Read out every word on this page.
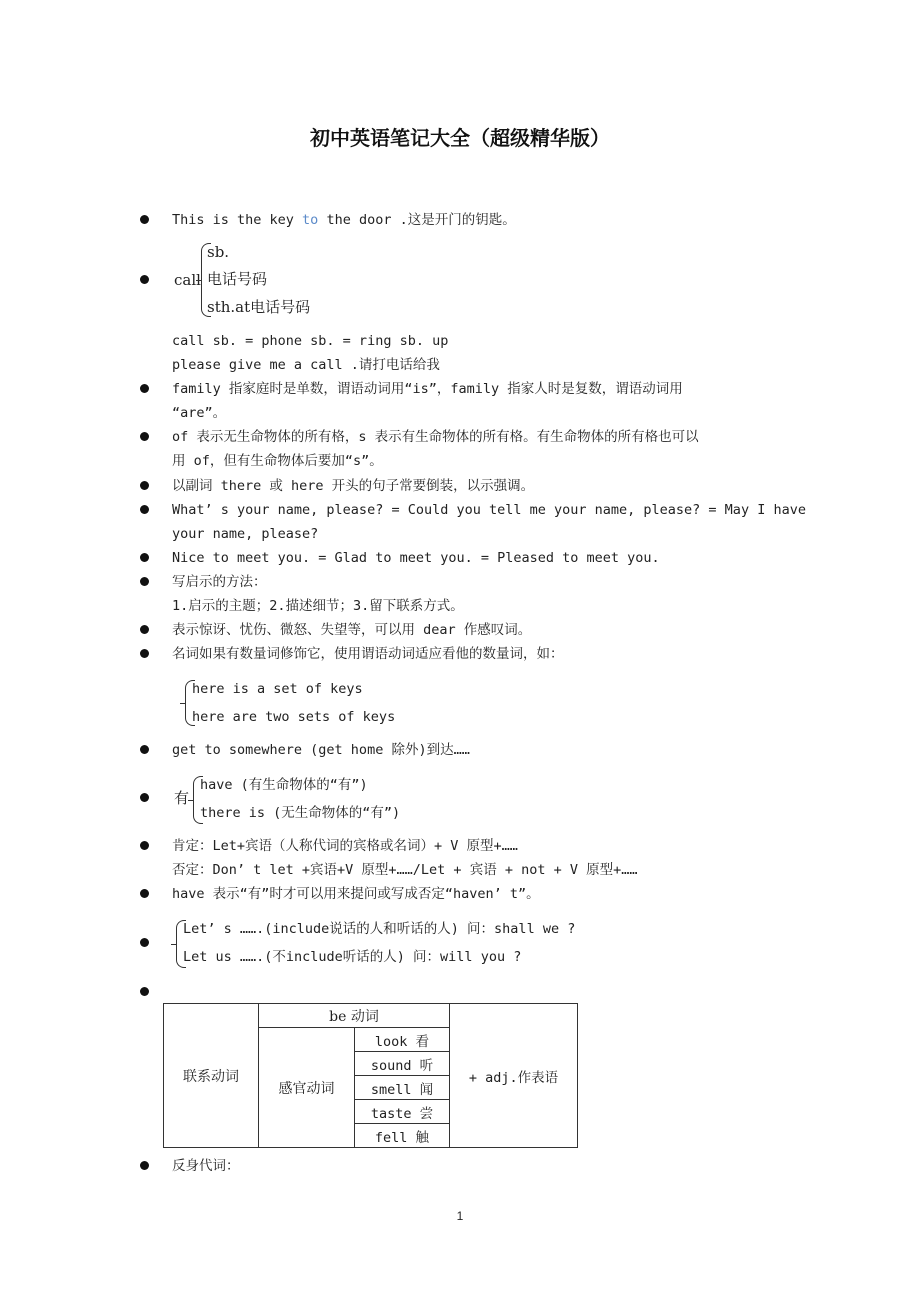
初中英语笔记大全（超级精华版）
This is the key to the door .这是开门的钥匙。
call
sb.
电话号码
sth.at电话号码
call sb. = phone sb. = ring sb. up
please give me a call .请打电话给我
family 指家庭时是单数，谓语动词用“is”，family 指家人时是复数，谓语动词用
“are”。
of 表示无生命物体的所有格，s 表示有生命物体的所有格。有生命物体的所有格也可以
用 of，但有生命物体后要加“s”。
以副词 there 或 here 开头的句子常要倒装，以示强调。
What’ s your name, please? = Could you tell me your name, please? = May I have
your name, please?
Nice to meet you. = Glad to meet you. = Pleased to meet you.
写启示的方法：
1.启示的主题；2.描述细节；3.留下联系方式。
表示惊讶、忧伤、微怒、失望等，可以用 dear 作感叹词。
名词如果有数量词修饰它，使用谓语动词适应看他的数量词，如：
here is a set of keys
here are two sets of keys
get to somewhere (get home 除外)到达……
有
have (有生命物体的“有”)
there is (无生命物体的“有”)
肯定：Let+宾语（人称代词的宾格或名词）+ V 原型+……
否定：Don’ t let +宾语+V 原型+……/Let + 宾语 + not + V 原型+……
have 表示“有”时才可以用来提问或写成否定“haven’ t”。
Let’ s …….(include说话的人和听话的人) 问：shall we ?
Let us …….(不include听话的人) 问：will you ?
联系动词	be 动词		+ adj.作表语
	感官动词	look 看	
		sound 听	
		smell 闻	
		taste 尝	
		fell 触	
反身代词：
1
